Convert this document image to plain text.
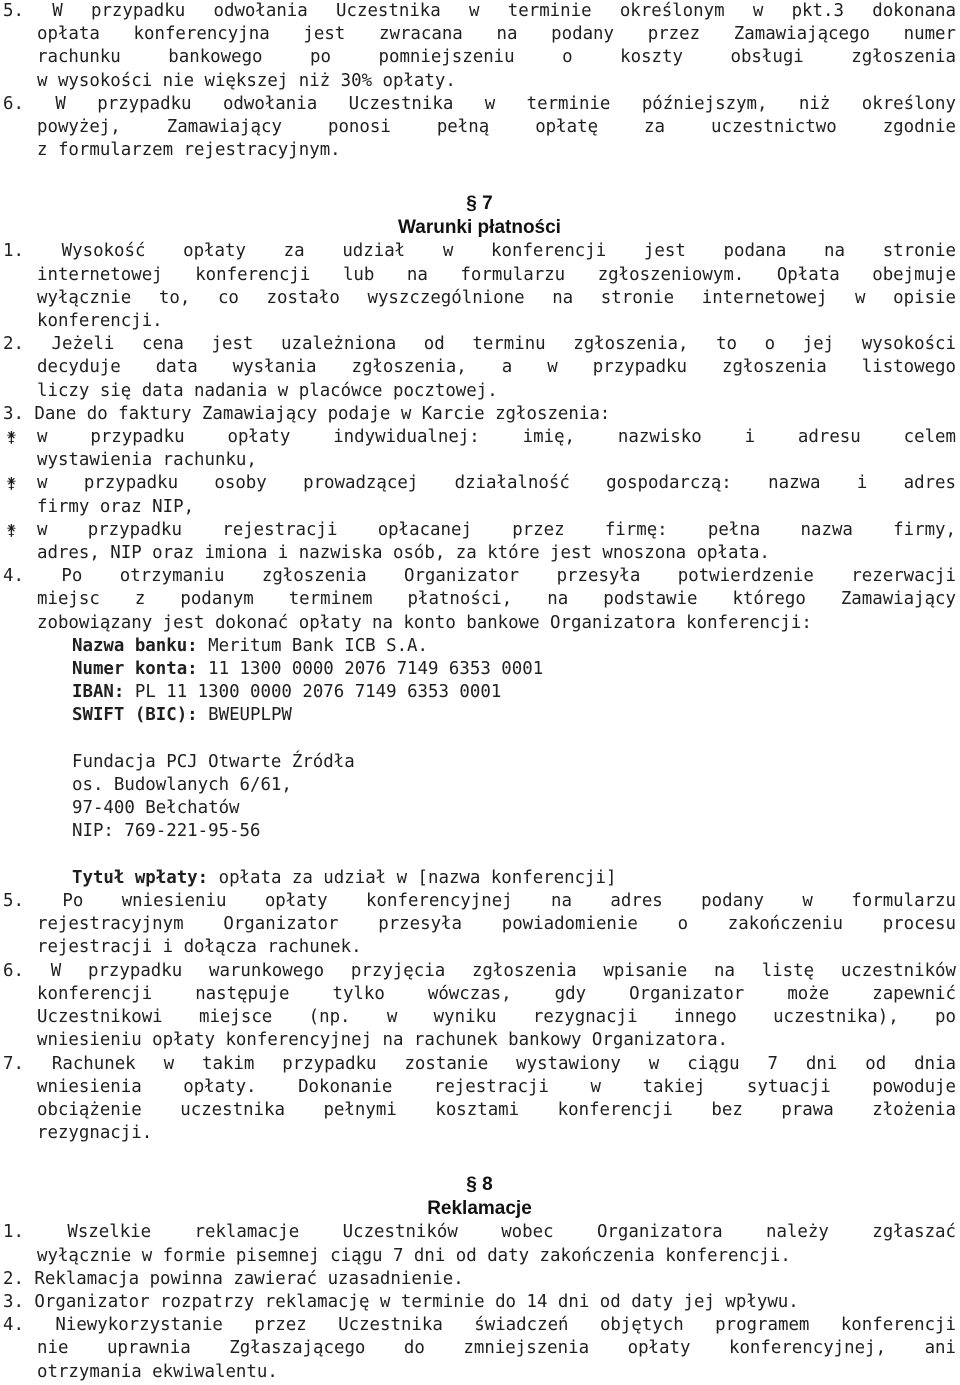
5. W przypadku odwołania Uczestnika w terminie określonym w pkt.3 dokonana
opłata konferencyjna jest zwracana na podany przez Zamawiającego numer
rachunku bankowego po pomniejszeniu o koszty obsługi zgłoszenia
w wysokości nie większej niż 30% opłaty.
6. W przypadku odwołania Uczestnika w terminie późniejszym, niż określony
powyżej, Zamawiający ponosi pełną opłatę za uczestnictwo zgodnie
z formularzem rejestracyjnym.
§ 7
Warunki płatności
1. Wysokość opłaty za udział w konferencji jest podana na stronie
internetowej konferencji lub na formularzu zgłoszeniowym. Opłata obejmuje
wyłącznie to, co zostało wyszczególnione na stronie internetowej w opisie
konferencji.
2. Jeżeli cena jest uzależniona od terminu zgłoszenia, to o jej wysokości
decyduje data wysłania zgłoszenia, a w przypadku zgłoszenia listowego
liczy się data nadania w placówce pocztowej.
3. Dane do faktury Zamawiający podaje w Karcie zgłoszenia:
⚵	w przypadku opłaty indywidualnej: imię, nazwisko i adresu celem
wystawienia rachunku,
⚵	w przypadku osoby prowadzącej działalność gospodarczą: nazwa i adres
firmy oraz NIP,
⚵	w przypadku rejestracji opłacanej przez firmę: pełna nazwa firmy,
adres, NIP oraz imiona i nazwiska osób, za które jest wnoszona opłata.
4. Po otrzymaniu zgłoszenia Organizator przesyła potwierdzenie rezerwacji
miejsc z podanym terminem płatności, na podstawie którego Zamawiający
zobowiązany jest dokonać opłaty na konto bankowe Organizatora konferencji:
Nazwa banku: Meritum Bank ICB S.A.
Numer konta: 11 1300 0000 2076 7149 6353 0001
IBAN: PL 11 1300 0000 2076 7149 6353 0001
SWIFT (BIC): BWEUPLPW
Fundacja PCJ Otwarte Źródła
os. Budowlanych 6/61,
97-400 Bełchatów
NIP: 769-221-95-56
Tytuł wpłaty: opłata za udział w [nazwa konferencji]
5. Po wniesieniu opłaty konferencyjnej na adres podany w formularzu
rejestracyjnym Organizator przesyła powiadomienie o zakończeniu procesu
rejestracji i dołącza rachunek.
6. W przypadku warunkowego przyjęcia zgłoszenia wpisanie na listę uczestników
konferencji następuje tylko wówczas, gdy Organizator może zapewnić
Uczestnikowi miejsce (np. w wyniku rezygnacji innego uczestnika), po
wniesieniu opłaty konferencyjnej na rachunek bankowy Organizatora.
7. Rachunek w takim przypadku zostanie wystawiony w ciągu 7 dni od dnia
wniesienia opłaty. Dokonanie rejestracji w takiej sytuacji powoduje
obciążenie uczestnika pełnymi kosztami konferencji bez prawa złożenia
rezygnacji.
§ 8
Reklamacje
1. Wszelkie reklamacje Uczestników wobec Organizatora należy zgłaszać
wyłącznie w formie pisemnej ciągu 7 dni od daty zakończenia konferencji.
2. Reklamacja powinna zawierać uzasadnienie.
3. Organizator rozpatrzy reklamację w terminie do 14 dni od daty jej wpływu.
4. Niewykorzystanie przez Uczestnika świadczeń objętych programem konferencji
nie uprawnia Zgłaszającego do zmniejszenia opłaty konferencyjnej, ani
otrzymania ekwiwalentu.
